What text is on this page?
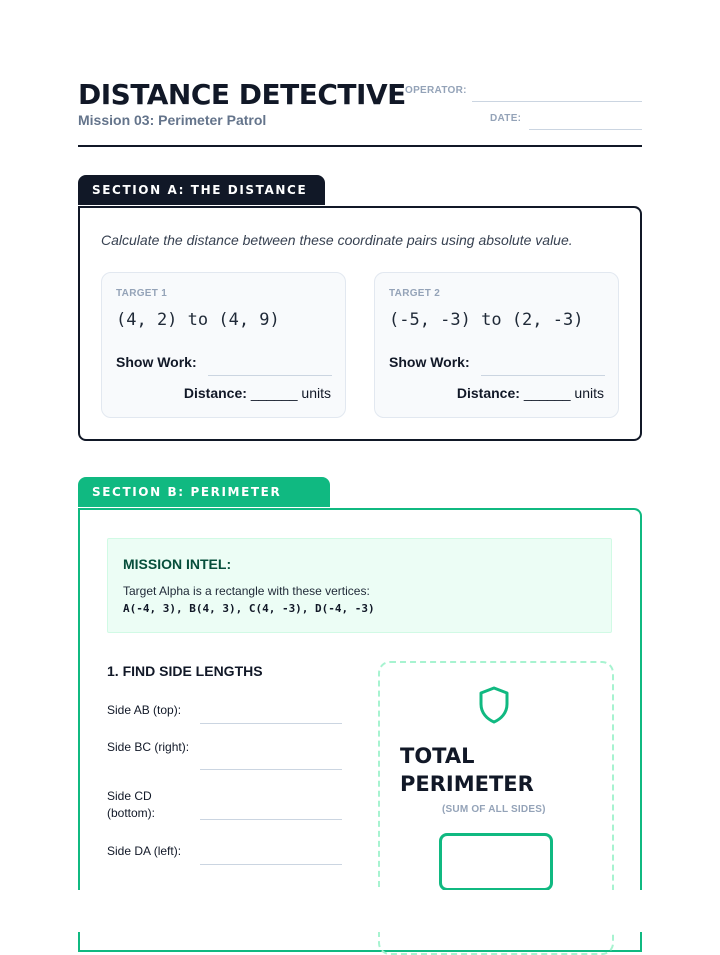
DISTANCE DETECTIVE
Mission 03: Perimeter Patrol
OPERATOR:
DATE:
SECTION A: THE DISTANCE LAB
Calculate the distance between these coordinate pairs using absolute value.
TARGET 1
(4, 2) to (4, 9)
Show Work:
Distance: ______ units
TARGET 2
(-5, -3) to (2, -3)
Show Work:
Distance: ______ units
SECTION B: PERIMETER PATROL
MISSION INTEL:
Target Alpha is a rectangle with these vertices:
A(-4, 3), B(4, 3), C(4, -3), D(-4, -3)
1. FIND SIDE LENGTHS
Side AB (top):
Side BC (right):
Side CD (bottom):
Side DA (left):
TOTAL
PERIMETER
(SUM OF ALL SIDES)
